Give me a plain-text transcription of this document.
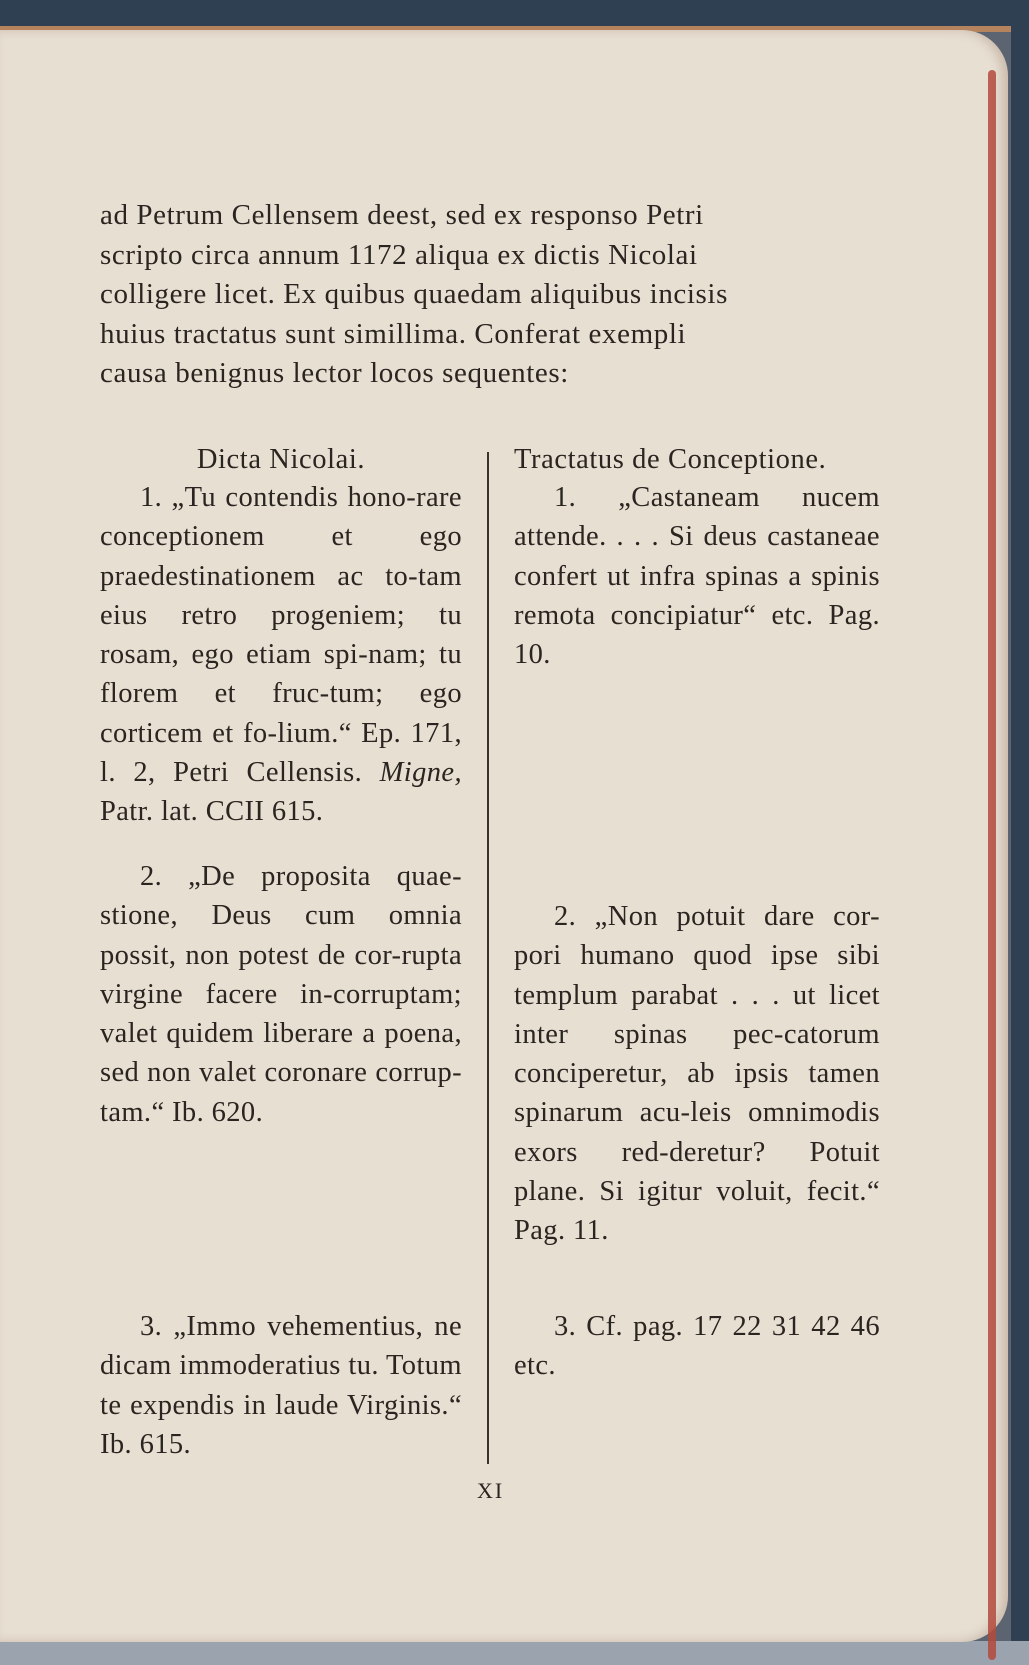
ad Petrum Cellensem deest, sed ex responso Petri
scripto circa annum 1172 aliqua ex dictis Nicolai
colligere licet. Ex quibus quaedam aliquibus incisis
huius tractatus sunt simillima. Conferat exempli
causa benignus lector locos sequentes:
Dicta Nicolai.	Tractatus de Conceptione.
1. „Tu contendis hono-rare conceptionem et ego praedestinationem ac to-tam eius retro progeniem; tu rosam, ego etiam spi-nam; tu florem et fruc-tum; ego corticem et fo-lium.“ Ep. 171, l. 2, Petri Cellensis. Migne, Patr. lat. CCII 615.
2. „De proposita quae-stione, Deus cum omnia possit, non potest de cor-rupta virgine facere in-corruptam; valet quidem liberare a poena, sed non valet coronare corrup-tam.“ Ib. 620.
3. „Immo vehementius, ne dicam immoderatius tu. Totum te expendis in laude Virginis.“ Ib. 615.
1. „Castaneam nucem attende. . . . Si deus castaneae confert ut infra spinas a spinis remota concipiatur“ etc. Pag. 10.
2. „Non potuit dare cor-pori humano quod ipse sibi templum parabat . . . ut licet inter spinas pec-catorum conciperetur, ab ipsis tamen spinarum acu-leis omnimodis exors red-deretur? Potuit plane. Si igitur voluit, fecit.“ Pag. 11.
3. Cf. pag. 17 22 31 42 46 etc.
XI
